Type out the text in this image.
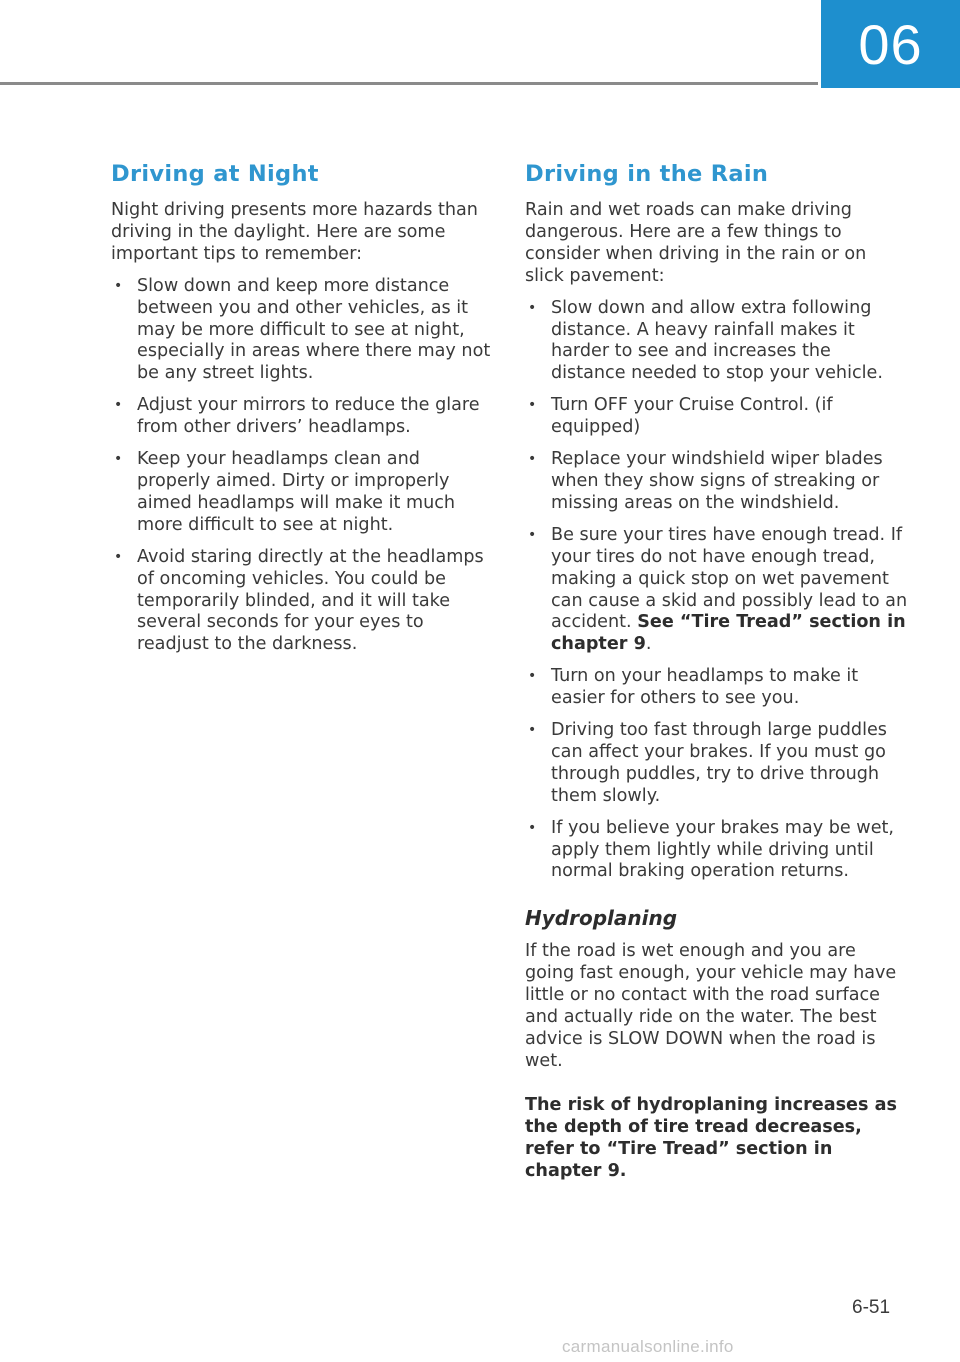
06
Driving at Night

Night driving presents more hazards than driving in the daylight. Here are some important tips to remember:

• Slow down and keep more distance between you and other vehicles, as it may be more difficult to see at night, especially in areas where there may not be any street lights.
• Adjust your mirrors to reduce the glare from other drivers’ headlamps.
• Keep your headlamps clean and properly aimed. Dirty or improperly aimed headlamps will make it much more difficult to see at night.
• Avoid staring directly at the headlamps of oncoming vehicles. You could be temporarily blinded, and it will take several seconds for your eyes to readjust to the darkness.
Driving in the Rain

Rain and wet roads can make driving dangerous. Here are a few things to consider when driving in the rain or on slick pavement:

• Slow down and allow extra following distance. A heavy rainfall makes it harder to see and increases the distance needed to stop your vehicle.
• Turn OFF your Cruise Control. (if equipped)
• Replace your windshield wiper blades when they show signs of streaking or missing areas on the windshield.
• Be sure your tires have enough tread. If your tires do not have enough tread, making a quick stop on wet pavement can cause a skid and possibly lead to an accident. See “Tire Tread” section in chapter 9.
• Turn on your headlamps to make it easier for others to see you.
• Driving too fast through large puddles can affect your brakes. If you must go through puddles, try to drive through them slowly.
• If you believe your brakes may be wet, apply them lightly while driving until normal braking operation returns.
Hydroplaning

If the road is wet enough and you are going fast enough, your vehicle may have little or no contact with the road surface and actually ride on the water. The best advice is SLOW DOWN when the road is wet.

The risk of hydroplaning increases as the depth of tire tread decreases, refer to “Tire Tread” section in chapter 9.

6-51
carmanualsonline.info
